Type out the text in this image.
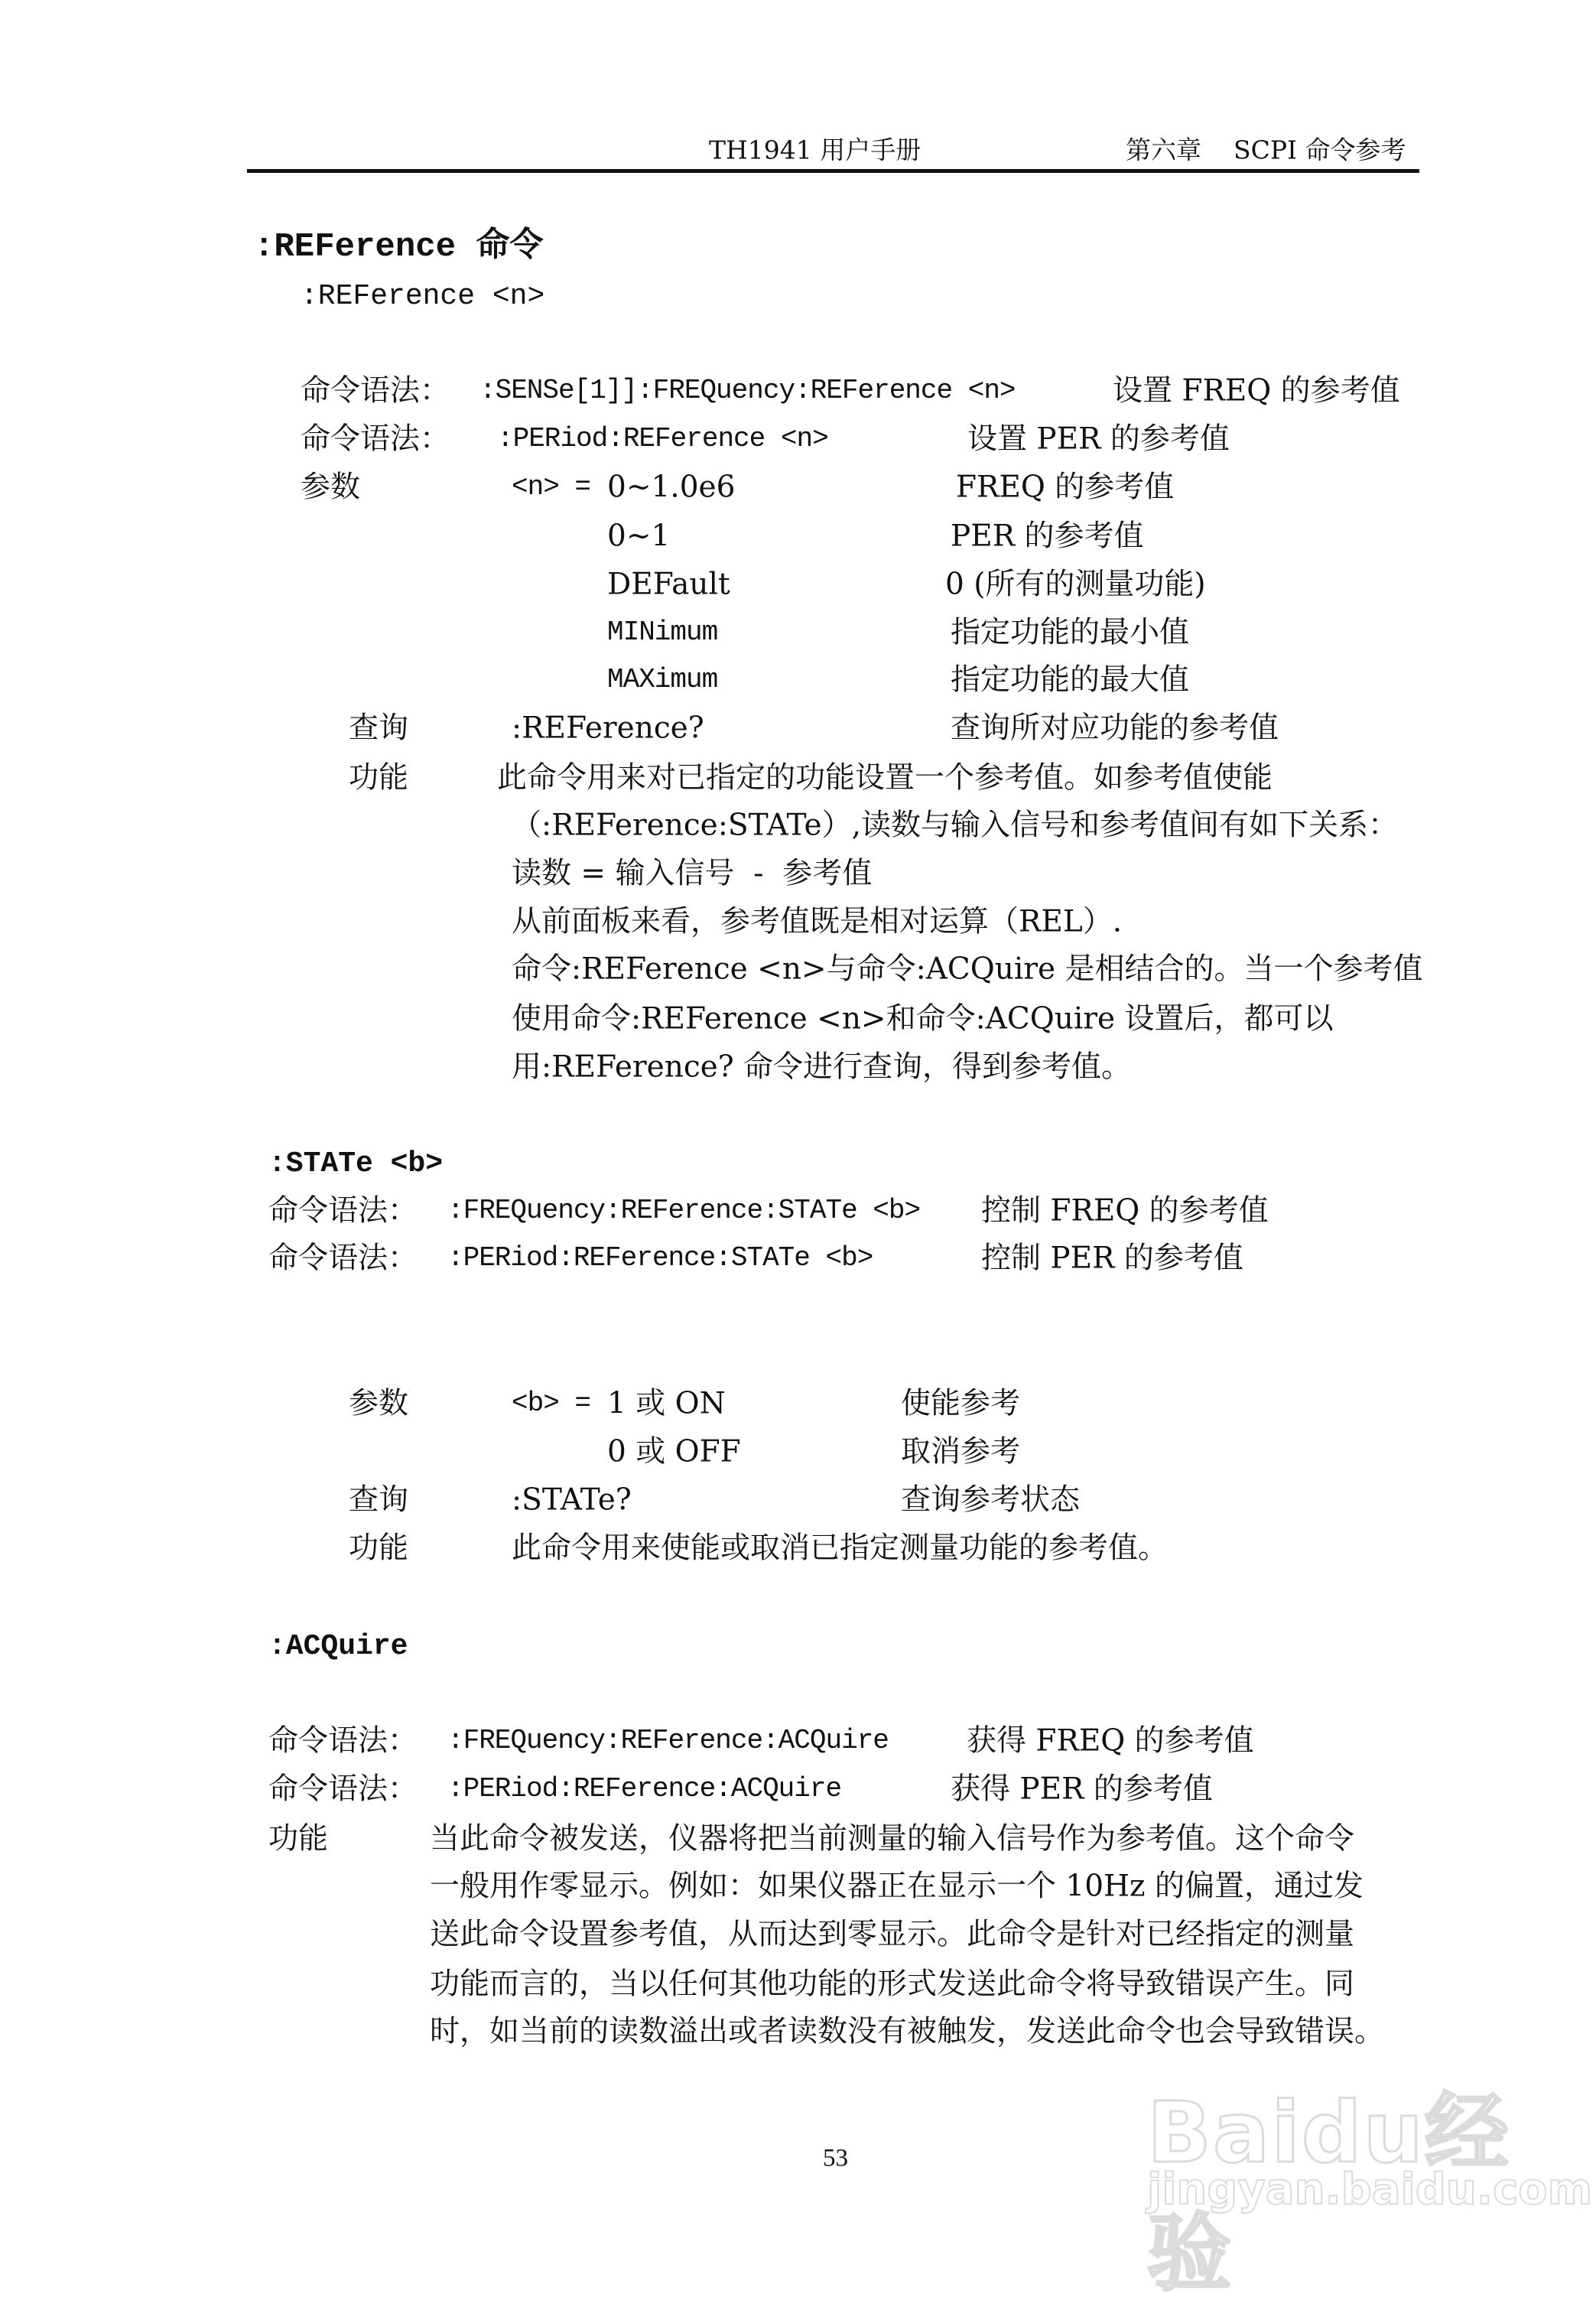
TH1941 用户手册	第六章    SCPI 命令参考
:REFerence 命令
:REFerence <n>
命令语法： :SENSe[1]]:FREQuency:REFerence <n>	设置 FREQ 的参考值
命令语法： :PERiod:REFerence <n>	设置 PER 的参考值
参数	<n> = 0~1.0e6	FREQ 的参考值
0~1	PER 的参考值
DEFault	0 (所有的测量功能)
MINimum	指定功能的最小值
MAXimum	指定功能的最大值
查询	:REFerence?	查询所对应功能的参考值
功能	此命令用来对已指定的功能设置一个参考值。如参考值使能
（:REFerence:STATe）,读数与输入信号和参考值间有如下关系：
读数 = 输入信号  -  参考值
从前面板来看，参考值既是相对运算（REL）.
命令:REFerence <n>与命令:ACQuire 是相结合的。当一个参考值
使用命令:REFerence <n>和命令:ACQuire 设置后，都可以
用:REFerence? 命令进行查询，得到参考值。
:STATe <b>
命令语法： :FREQuency:REFerence:STATe <b> 控制 FREQ 的参考值
命令语法： :PERiod:REFerence:STATe <b>	控制 PER 的参考值
参数	<b> = 1 或 ON	使能参考
0 或 OFF	取消参考
查询	:STATe?	查询参考状态
功能	此命令用来使能或取消已指定测量功能的参考值。
:ACQuire
命令语法： :FREQuency:REFerence:ACQuire	获得 FREQ 的参考值
命令语法： :PERiod:REFerence:ACQuire	获得 PER 的参考值
功能	当此命令被发送，仪器将把当前测量的输入信号作为参考值。这个命令
一般用作零显示。例如：如果仪器正在显示一个 10Hz 的偏置，通过发
送此命令设置参考值，从而达到零显示。此命令是针对已经指定的测量
功能而言的，当以任何其他功能的形式发送此命令将导致错误产生。同
时，如当前的读数溢出或者读数没有被触发，发送此命令也会导致错误。
53	Baidu经验
jingyan.baidu.com
